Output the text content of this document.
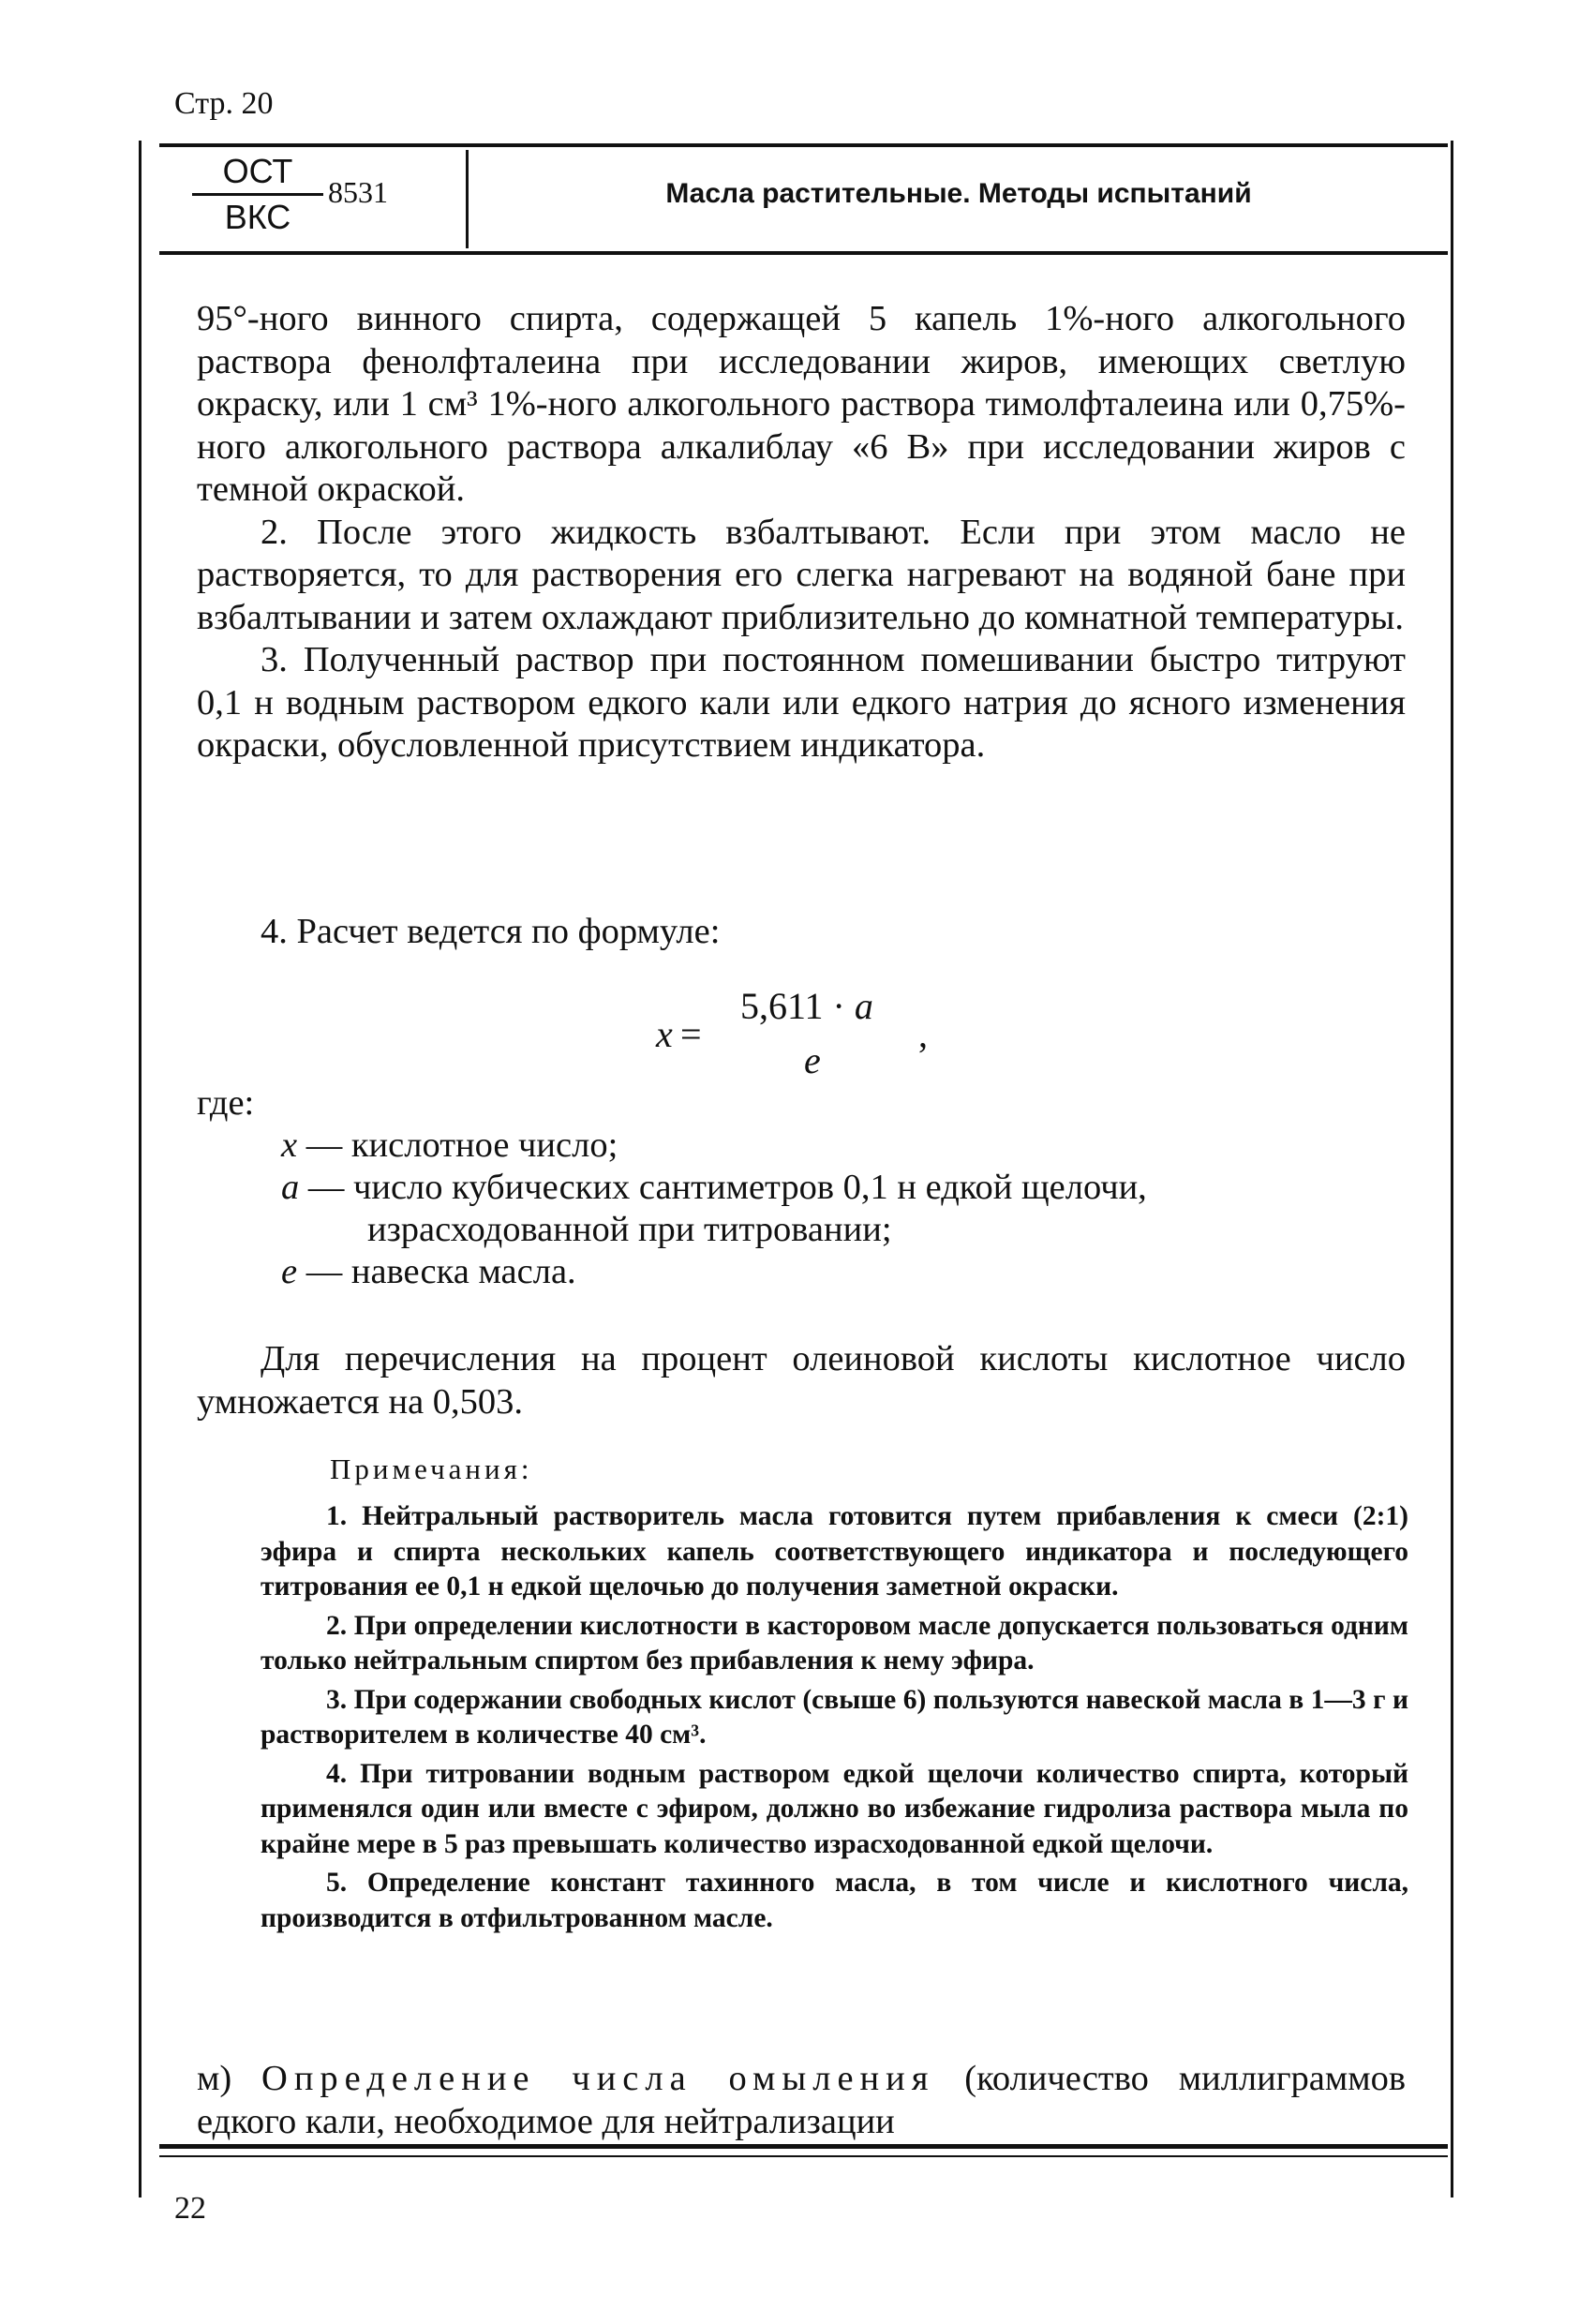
Стр. 20
ОСТ
ВКС
8531	Масла растительные. Методы испытаний

95°-ного винного спирта, содержащей 5 капель 1%-ного алкогольного раствора фенолфталеина при исследовании жиров, имеющих светлую окраску, или 1 см³ 1%-ного алкогольного раствора тимолфталеина или 0,75%-ного алкогольного раствора алкалиблау «6 В» при исследовании жиров с темной окраской.

2. После этого жидкость взбалтывают. Если при этом масло не растворяется, то для растворения его слегка нагревают на водяной бане при взбалтывании и затем охлаждают приблизительно до комнатной температуры.

3. Полученный раствор при постоянном помешивании быстро титруют 0,1 н водным раствором едкого кали или едкого натрия до ясного изменения окраски, обусловленной присутствием индикатора.

4. Расчет ведется по формуле:
x =
5,611 · a
e
,
где:
x — кислотное число;
a — число кубических сантиметров 0,1 н едкой щелочи, израсходованной при титровании;
e — навеска масла.
Для перечисления на процент олеиновой кислоты кислотное число умножается на 0,503.
Примечания:

1. Нейтральный растворитель масла готовится путем прибавления к смеси (2:1) эфира и спирта нескольких капель соответствующего индикатора и последующего титрования ее 0,1 н едкой щелочью до получения заметной окраски.

2. При определении кислотности в касторовом масле допускается пользоваться одним только нейтральным спиртом без прибавления к нему эфира.

3. При содержании свободных кислот (свыше 6) пользуются навеской масла в 1—3 г и растворителем в количестве 40 см³.

4. При титровании водным раствором едкой щелочи количество спирта, который применялся один или вместе с эфиром, должно во избежание гидролиза раствора мыла по крайне мере в 5 раз превышать количество израсходованной едкой щелочи.

5. Определение констант тахинного масла, в том числе и кислотного числа, производится в отфильтрованном масле.

м) Определение числа омыления (количество миллиграммов едкого кали, необходимое для нейтрализации
22
